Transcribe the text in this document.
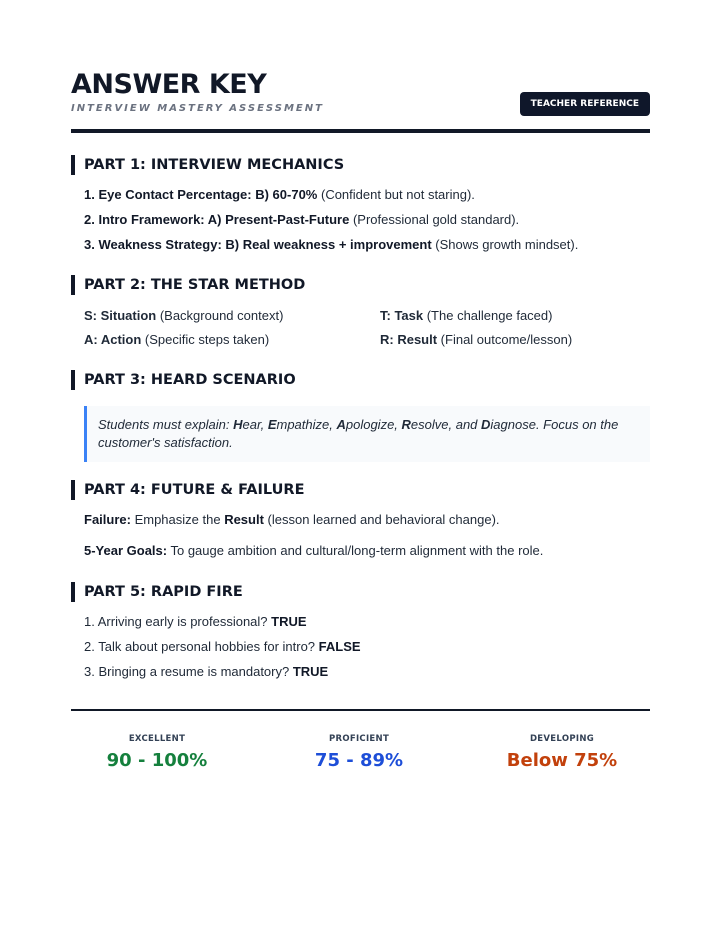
ANSWER KEY
INTERVIEW MASTERY ASSESSMENT	TEACHER REFERENCE
PART 1: INTERVIEW MECHANICS
1. Eye Contact Percentage: B) 60-70% (Confident but not staring).
2. Intro Framework: A) Present-Past-Future (Professional gold standard).
3. Weakness Strategy: B) Real weakness + improvement (Shows growth mindset).
PART 2: THE STAR METHOD
S: Situation (Background context)	T: Task (The challenge faced)
A: Action (Specific steps taken)	R: Result (Final outcome/lesson)
PART 3: HEARD SCENARIO
Students must explain: Hear, Empathize, Apologize, Resolve, and Diagnose. Focus on the customer's satisfaction.
PART 4: FUTURE & FAILURE
Failure: Emphasize the Result (lesson learned and behavioral change).
5-Year Goals: To gauge ambition and cultural/long-term alignment with the role.
PART 5: RAPID FIRE
1. Arriving early is professional? TRUE
2. Talk about personal hobbies for intro? FALSE
3. Bringing a resume is mandatory? TRUE
EXCELLENT
90 - 100%
PROFICIENT
75 - 89%
DEVELOPING
Below 75%
